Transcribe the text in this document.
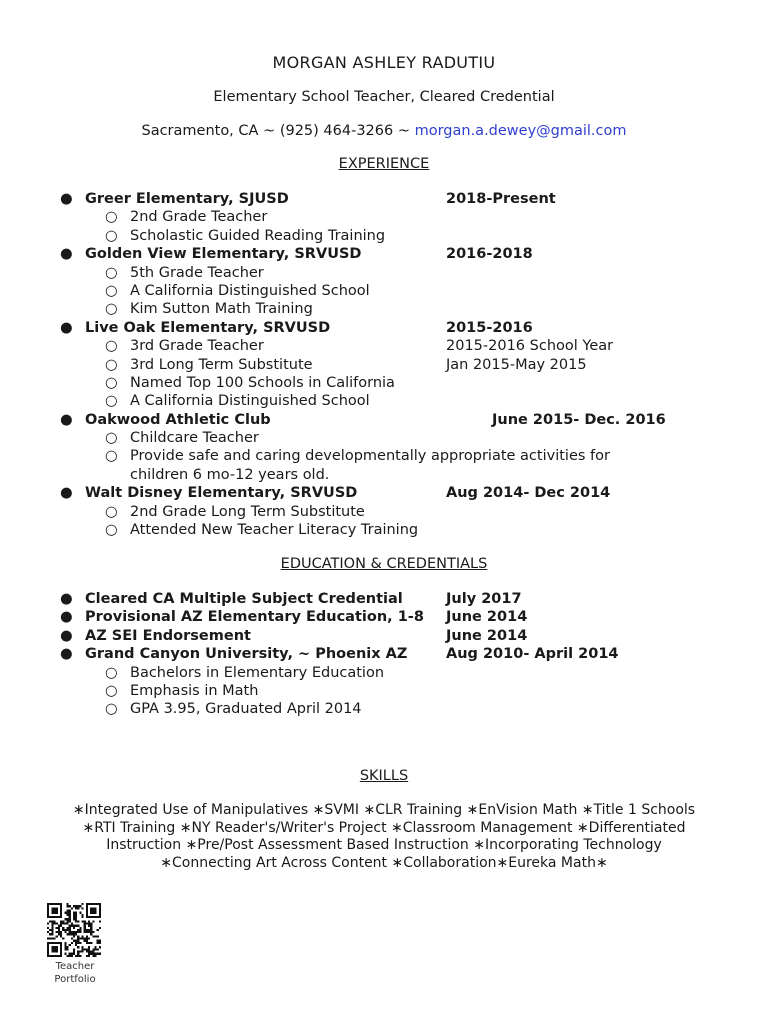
MORGAN ASHLEY RADUTIU
Elementary School Teacher, Cleared Credential
Sacramento, CA ~ (925) 464-3266 ~ morgan.a.dewey@gmail.com
EXPERIENCE
● Greer Elementary, SJUSD	2018-Present
○ 2nd Grade Teacher
○ Scholastic Guided Reading Training
● Golden View Elementary, SRVUSD	2016-2018
○ 5th Grade Teacher
○ A California Distinguished School
○ Kim Sutton Math Training
● Live Oak Elementary, SRVUSD	2015-2016
○ 3rd Grade Teacher	2015-2016 School Year
○ 3rd Long Term Substitute	Jan 2015-May 2015
○ Named Top 100 Schools in California
○ A California Distinguished School
● Oakwood Athletic Club	June 2015- Dec. 2016
○ Childcare Teacher
○ Provide safe and caring developmentally appropriate activities for
children 6 mo-12 years old.
● Walt Disney Elementary, SRVUSD	Aug 2014- Dec 2014
○ 2nd Grade Long Term Substitute
○ Attended New Teacher Literacy Training
EDUCATION & CREDENTIALS
● Cleared CA Multiple Subject Credential	July 2017
● Provisional AZ Elementary Education, 1-8 June 2014
● AZ SEI Endorsement	June 2014
● Grand Canyon University, ~ Phoenix AZ	Aug 2010- April 2014
○ Bachelors in Elementary Education
○ Emphasis in Math
○ GPA 3.95, Graduated April 2014
SKILLS
∗Integrated Use of Manipulatives ∗SVMI ∗CLR Training ∗EnVision Math ∗Title 1 Schools
∗RTI Training ∗NY Reader's/Writer's Project ∗Classroom Management ∗Differentiated
Instruction ∗Pre/Post Assessment Based Instruction ∗Incorporating Technology
∗Connecting Art Across Content ∗Collaboration∗Eureka Math∗
Teacher
Portfolio
